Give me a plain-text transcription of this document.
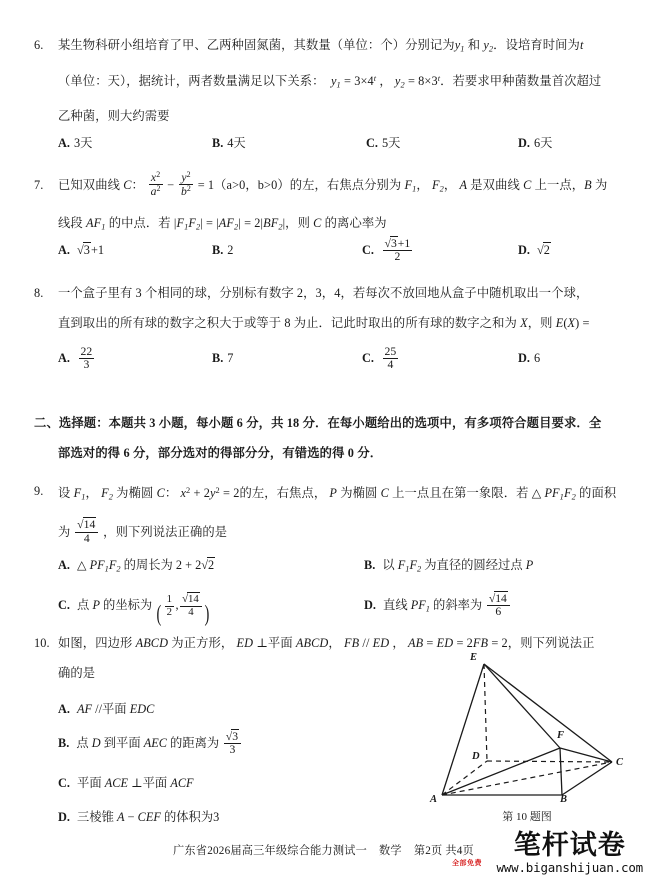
6.	某生物科研小组培育了甲、乙两种固氮菌，其数量（单位：个）分别记为$y_1$ 和 $y_2$．设培育时间为t
（单位：天），据统计，两者数量满足以下关系： $y_1 = 3\times 4^t$ ， $y_2 = 8\times 3^t$．若要求甲种菌数量首次超过
乙种菌，则大约需要
A. 3天	B. 4天	C. 5天	D. 6天
7.	已知双曲线 C： $\frac{x^2}{a^2} - \frac{y^2}{b^2} = 1(a>0$，b>0）的左，右焦点分别为 $F_1$， $F_2$， A 是双曲线 C 上一点，B 为
线段 $AF_1$ 的中点．若 $|F_1F_2| = |AF_2| = 2|BF_2|$，则 C 的离心率为
A. √3+1	B. 2	C. $\frac{√3+1}{2}$	D. √2
8.	一个盒子里有 3 个相同的球，分别标有数字 2，3，4，若每次不放回地从盒子中随机取出一个球，
直到取出的所有球的数字之积大于或等于 8 为止．记此时取出的所有球的数字之和为 X，则 E(X) =
A. $\frac{22}{3}$	B. 7	C. $\frac{25}{4}$	D. 6
二、选择题：本题共 3 小题，每小题 6 分，共 18 分．在每小题给出的选项中，有多项符合题目要求．全
部选对的得 6 分，部分选对的得部分分，有错选的得 0 分．
9.	设 $F_1$， $F_2$ 为椭圆 C： $x^2 + 2y^2 = 2$的左，右焦点， P 为椭圆 C 上一点且在第一象限．若 △ $PF_1F_2$ 的面积
为 $\frac{√14}{4}$ ，则下列说法正确的是
A. △ $PF_1F_2$ 的周长为 2 + 2√2	B. 以 $F_1F_2$ 为直径的圆经过点 P
C. 点 P 的坐标为 ( $\frac{1}{2}$ , $\frac{√14}{4}$ )	D. 直线 $PF_1$ 的斜率为 $\frac{√14}{6}$
10. 如图，四边形 ABCD 为正方形， ED ⊥平面 ABCD， FB // ED ， AB = ED = 2FB = 2，则下列说法正
确的是
A. AF //平面 EDC
B. 点 D 到平面 AEC 的距离为 $\frac{√3}{3}$
C. 平面 ACE ⊥平面 ACF
D. 三棱锥 A − CEF 的体积为3
E
F
C
D
A	B
第 10 题图
广东省2026届高三年级综合能力测试一 数学 第2页 共4页	笔杆试卷
www.biganshijuan.com
全部免费
